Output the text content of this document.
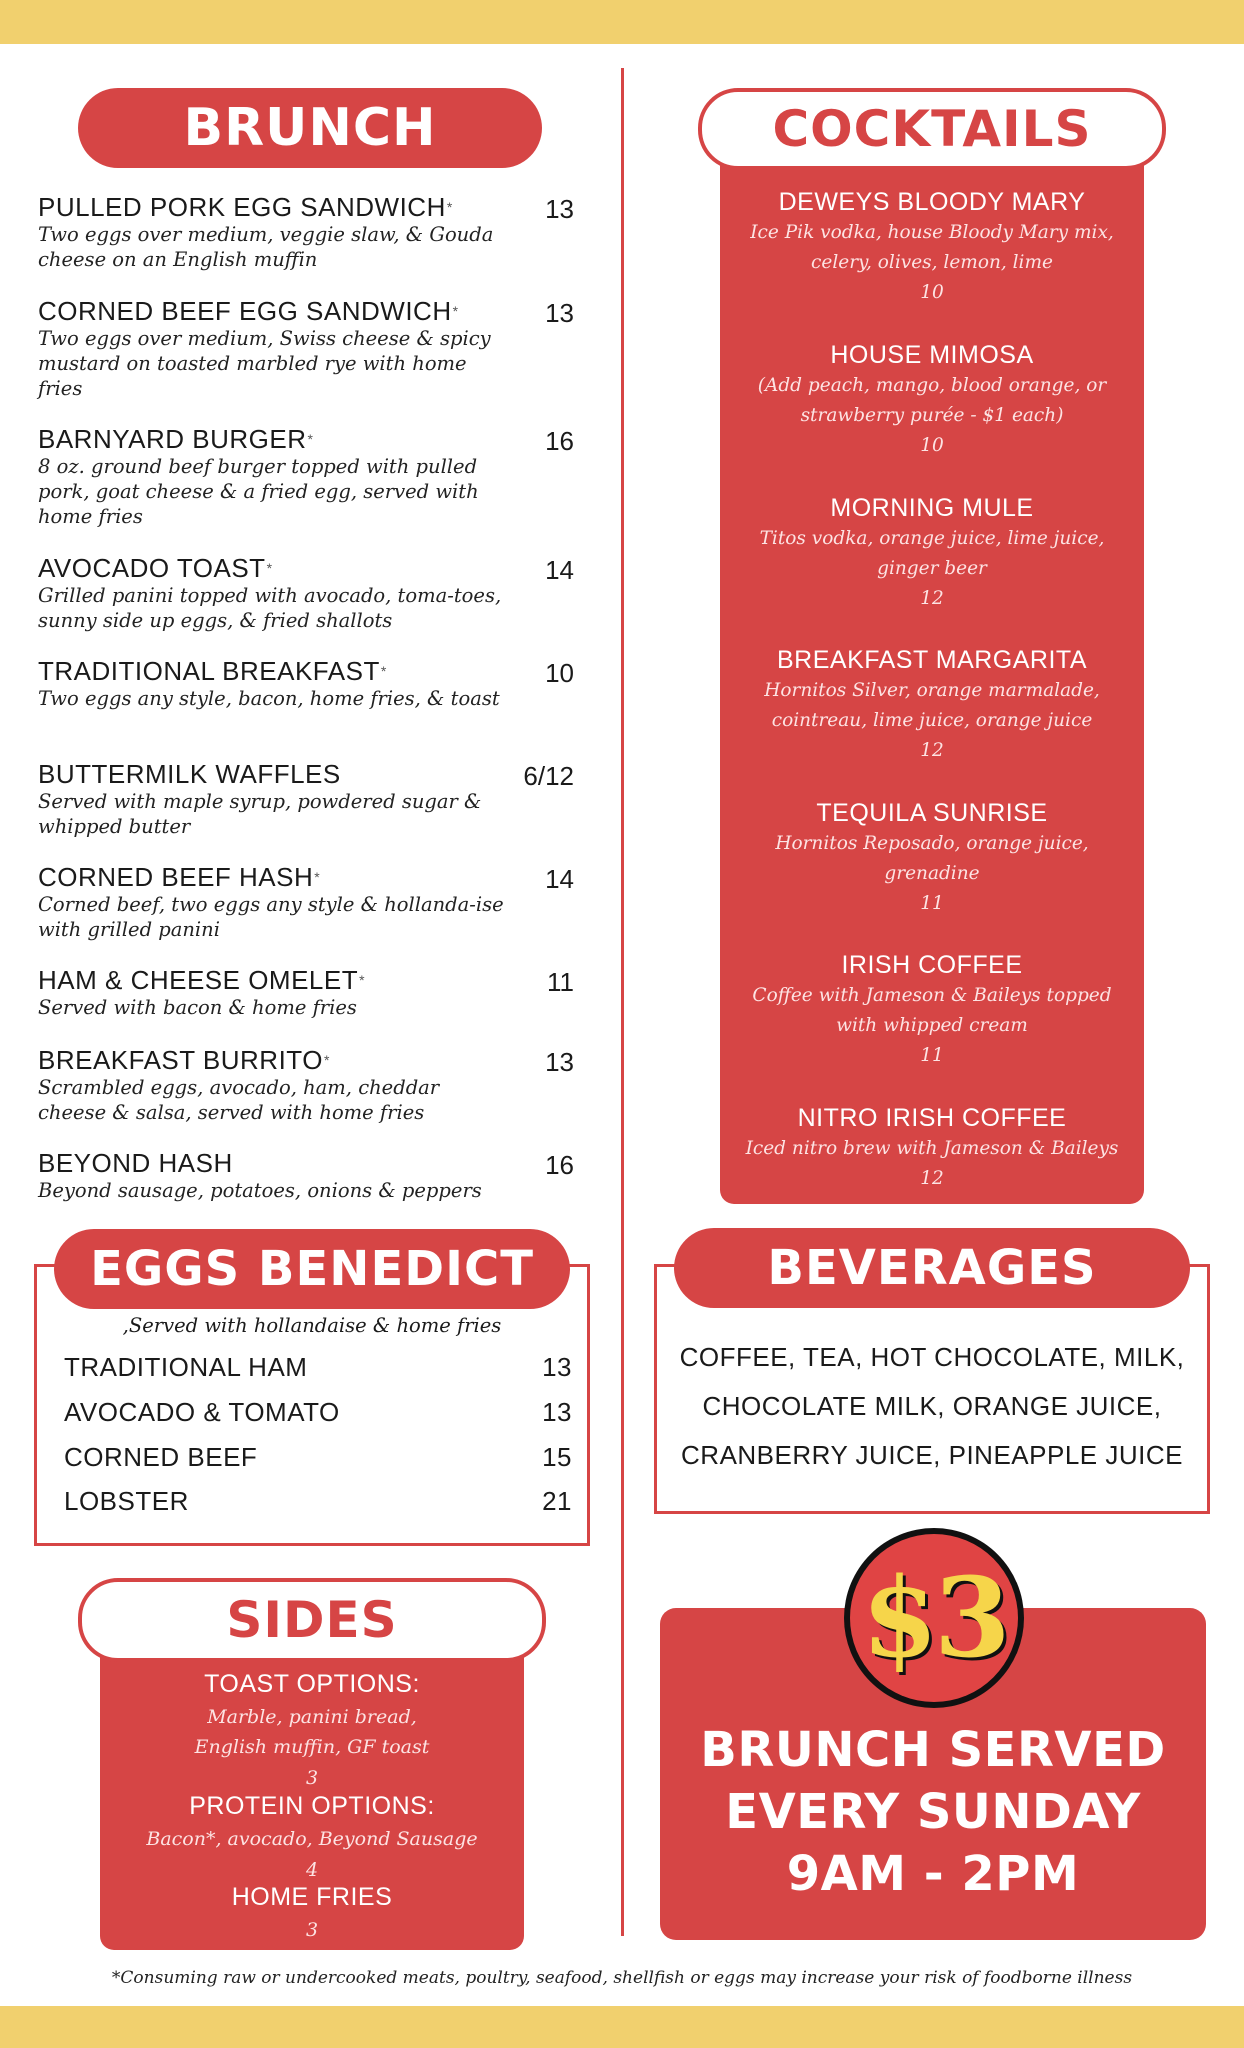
BRUNCH
PULLED PORK EGG SANDWICH*	13
Two eggs over medium, veggie slaw, & Gouda cheese on an English muffin
CORNED BEEF EGG SANDWICH*	13
Two eggs over medium, Swiss cheese & spicy mustard on toasted marbled rye with home fries
BARNYARD BURGER*	16
8 oz. ground beef burger topped with pulled pork, goat cheese & a fried egg, served with home fries
AVOCADO TOAST*	14
Grilled panini topped with avocado, toma-toes, sunny side up eggs, & fried shallots
TRADITIONAL BREAKFAST*	10
Two eggs any style, bacon, home fries, & toast
BUTTERMILK WAFFLES	6/12
Served with maple syrup, powdered sugar & whipped butter
CORNED BEEF HASH*	14
Corned beef, two eggs any style & hollanda-ise with grilled panini
HAM & CHEESE OMELET*	11
Served with bacon & home fries
BREAKFAST BURRITO*	13
Scrambled eggs, avocado, ham, cheddar cheese & salsa, served with home fries
BEYOND HASH	16
Beyond sausage, potatoes, onions & peppers
EGGS BENEDICT
,Served with hollandaise & home fries
TRADITIONAL HAM	13
AVOCADO & TOMATO	13
CORNED BEEF	15
LOBSTER	21
SIDES
TOAST OPTIONS:
Marble, panini bread,
English muffin, GF toast
3
PROTEIN OPTIONS:
Bacon*, avocado, Beyond Sausage
4
HOME FRIES
3
COCKTAILS
DEWEYS BLOODY MARY
Ice Pik vodka, house Bloody Mary mix, celery, olives, lemon, lime
10
HOUSE MIMOSA
(Add peach, mango, blood orange, or strawberry purée - $1 each)
10
MORNING MULE
Titos vodka, orange juice, lime juice, ginger beer
12
BREAKFAST MARGARITA
Hornitos Silver, orange marmalade, cointreau, lime juice, orange juice
12
TEQUILA SUNRISE
Hornitos Reposado, orange juice, grenadine
11
IRISH COFFEE
Coffee with Jameson & Baileys topped with whipped cream
11
NITRO IRISH COFFEE
Iced nitro brew with Jameson & Baileys
12
BEVERAGES
COFFEE, TEA, HOT CHOCOLATE, MILK,
CHOCOLATE MILK, ORANGE JUICE,
CRANBERRY JUICE, PINEAPPLE JUICE
$3
BRUNCH SERVED
EVERY SUNDAY
9AM - 2PM
*Consuming raw or undercooked meats, poultry, seafood, shellfish or eggs may increase your risk of foodborne illness
